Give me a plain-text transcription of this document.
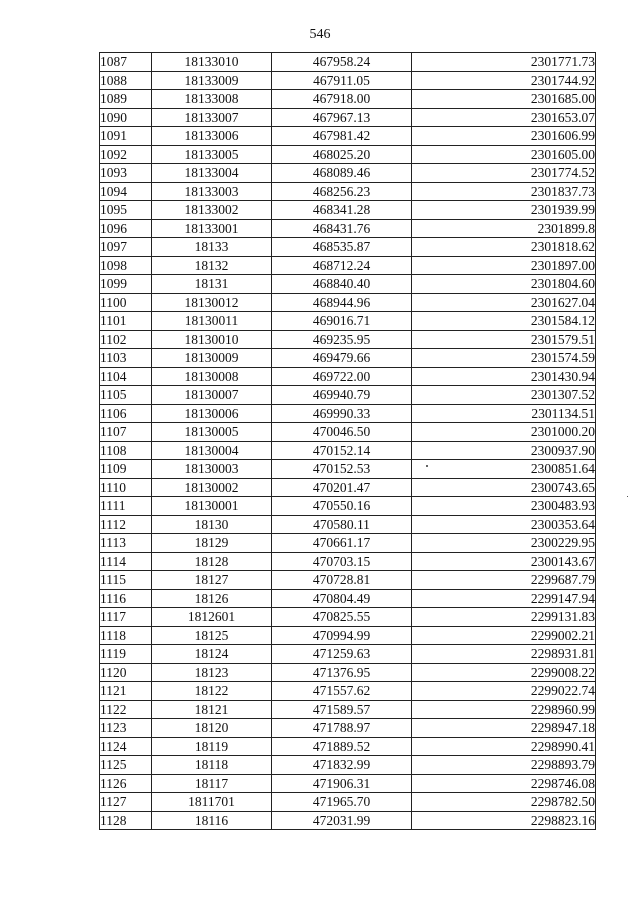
546
1087	18133010	467958.24	2301771.73
1088	18133009	467911.05	2301744.92
1089	18133008	467918.00	2301685.00
1090	18133007	467967.13	2301653.07
1091	18133006	467981.42	2301606.99
1092	18133005	468025.20	2301605.00
1093	18133004	468089.46	2301774.52
1094	18133003	468256.23	2301837.73
1095	18133002	468341.28	2301939.99
1096	18133001	468431.76	2301899.8
1097	18133	468535.87	2301818.62
1098	18132	468712.24	2301897.00
1099	18131	468840.40	2301804.60
1100	18130012	468944.96	2301627.04
1101	18130011	469016.71	2301584.12
1102	18130010	469235.95	2301579.51
1103	18130009	469479.66	2301574.59
1104	18130008	469722.00	2301430.94
1105	18130007	469940.79	2301307.52
1106	18130006	469990.33	2301134.51
1107	18130005	470046.50	2301000.20
1108	18130004	470152.14	2300937.90
1109	18130003	470152.53	2300851.64
1110	18130002	470201.47	2300743.65
1111	18130001	470550.16	2300483.93
1112	18130	470580.11	2300353.64
1113	18129	470661.17	2300229.95
1114	18128	470703.15	2300143.67
1115	18127	470728.81	2299687.79
1116	18126	470804.49	2299147.94
1117	1812601	470825.55	2299131.83
1118	18125	470994.99	2299002.21
1119	18124	471259.63	2298931.81
1120	18123	471376.95	2299008.22
1121	18122	471557.62	2299022.74
1122	18121	471589.57	2298960.99
1123	18120	471788.97	2298947.18
1124	18119	471889.52	2298990.41
1125	18118	471832.99	2298893.79
1126	18117	471906.31	2298746.08
1127	1811701	471965.70	2298782.50
1128	18116	472031.99	2298823.16
